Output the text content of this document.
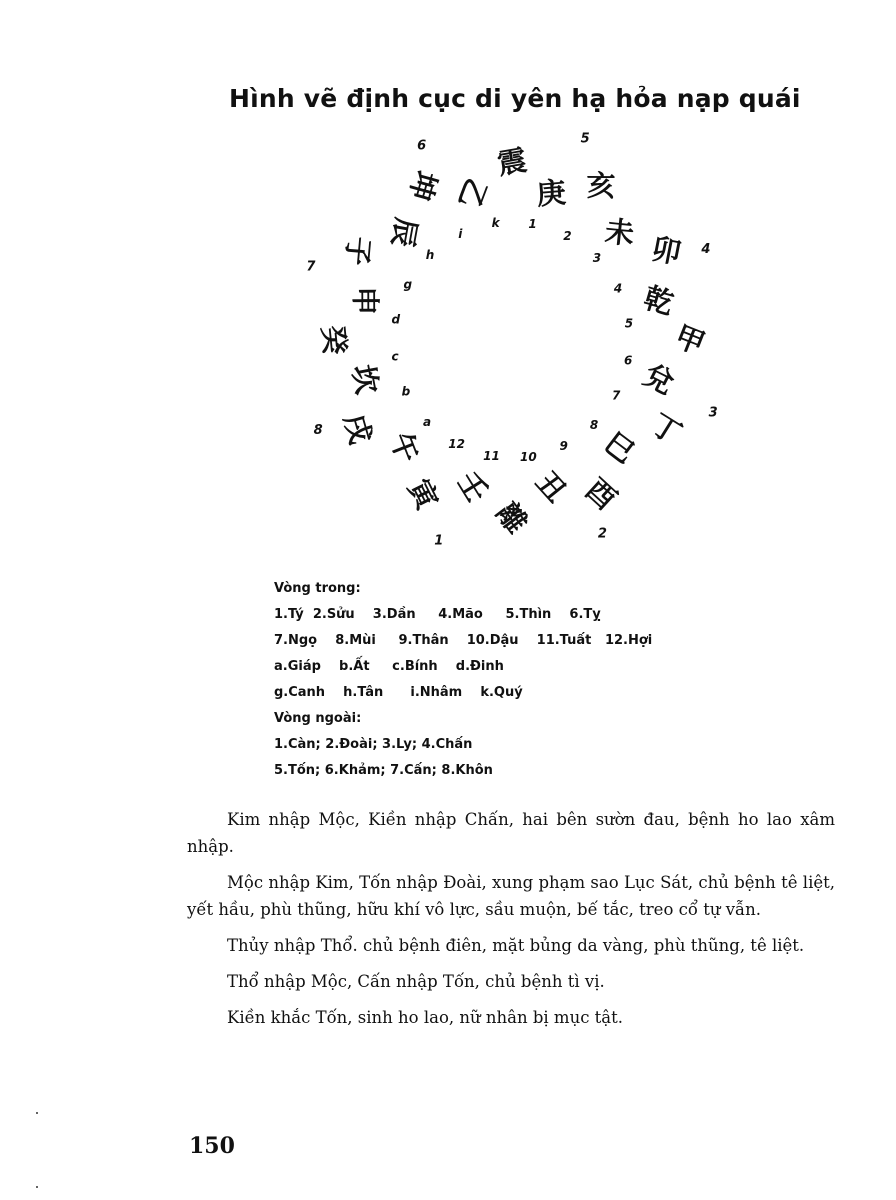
Hình vẽ định cục di yên hạ hỏa nạp quái
震
庚 亥
未 卯
乾
甲
兌
丁
巳
酉
丑
離
壬
寅
午
戌
坎
癸
申
子
辰
坤 乙
1
2
3
4
5
6
7
8
9
10
11
12
a
b
c
d
g
h
i
k
1	2
3
4
5
6
7
8
Vòng trong:
1.Tý  2.Sửu    3.Dần     4.Mão     5.Thìn    6.Tỵ
7.Ngọ    8.Mùi     9.Thân    10.Dậu    11.Tuất   12.Hợi
a.Giáp    b.Ất     c.Bính    d.Đinh
g.Canh    h.Tân      i.Nhâm    k.Quý
Vòng ngoài:
1.Càn; 2.Đoài; 3.Ly; 4.Chấn
5.Tốn; 6.Khảm; 7.Cấn; 8.Khôn

Kim nhập Mộc, Kiền nhập Chấn, hai bên sườn đau, bệnh ho lao xâm nhập.

Mộc nhập Kim, Tốn nhập Đoài, xung phạm sao Lục Sát, chủ bệnh tê liệt, yết hầu, phù thũng, hữu khí vô lực, sầu muộn, bế tắc, treo cổ tự vẫn.

Thủy nhập Thổ. chủ bệnh điên, mặt bủng da vàng, phù thũng, tê liệt.

Thổ nhập Mộc, Cấn nhập Tốn, chủ bệnh tì vị.

Kiền khắc Tốn, sinh ho lao, nữ nhân bị mục tật.

150
